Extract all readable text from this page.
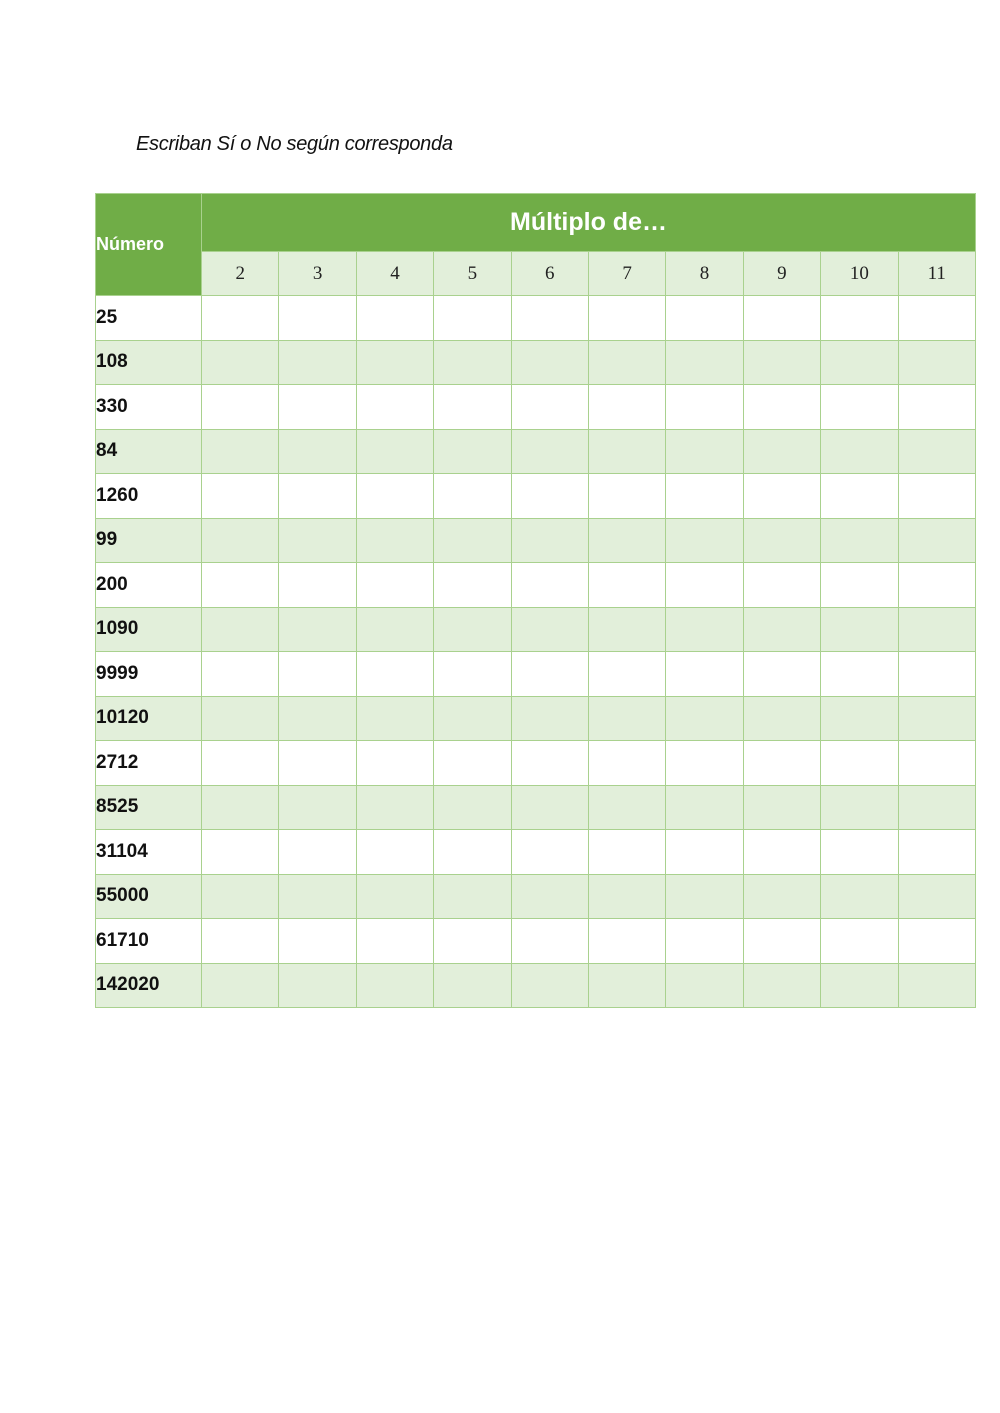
Escriban Sí o No según corresponda
Número	Múltiplo de…									
	2	3	4	5	6	7	8	9	10	11
25										
108										
330										
84										
1260										
99										
200										
1090										
9999										
10120										
2712										
8525										
31104										
55000										
61710										
142020										
